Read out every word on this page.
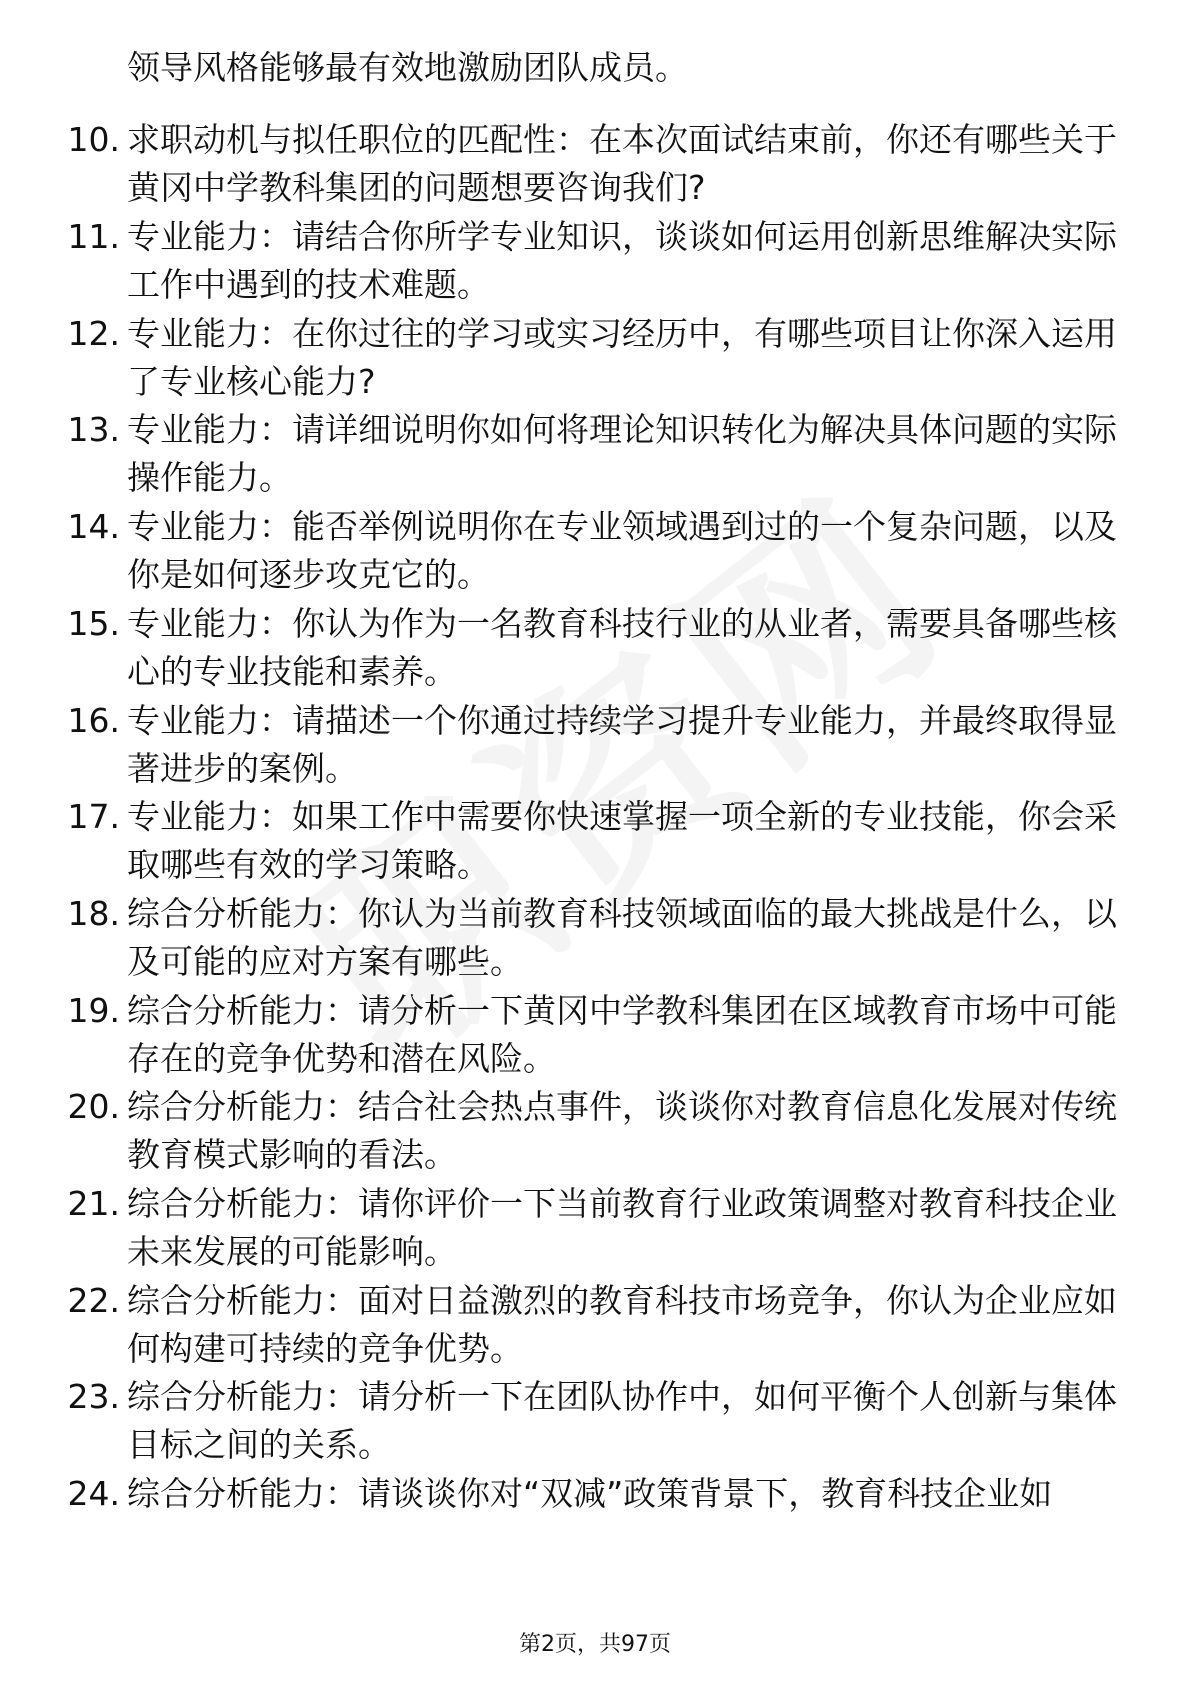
领导风格能够最有效地激励团队成员。
10. 求职动机与拟任职位的匹配性：在本次面试结束前，你还有哪些关于黄冈中学教科集团的问题想要咨询我们?
11. 专业能力：请结合你所学专业知识，谈谈如何运用创新思维解决实际工作中遇到的技术难题。
12. 专业能力：在你过往的学习或实习经历中，有哪些项目让你深入运用了专业核心能力?
13. 专业能力：请详细说明你如何将理论知识转化为解决具体问题的实际操作能力。
14. 专业能力：能否举例说明你在专业领域遇到过的一个复杂问题，以及你是如何逐步攻克它的。
15. 专业能力：你认为作为一名教育科技行业的从业者，需要具备哪些核心的专业技能和素养。
16. 专业能力：请描述一个你通过持续学习提升专业能力，并最终取得显著进步的案例。
17. 专业能力：如果工作中需要你快速掌握一项全新的专业技能，你会采取哪些有效的学习策略。
18. 综合分析能力：你认为当前教育科技领域面临的最大挑战是什么，以及可能的应对方案有哪些。
19. 综合分析能力：请分析一下黄冈中学教科集团在区域教育市场中可能存在的竞争优势和潜在风险。
20. 综合分析能力：结合社会热点事件，谈谈你对教育信息化发展对传统教育模式影响的看法。
21. 综合分析能力：请你评价一下当前教育行业政策调整对教育科技企业未来发展的可能影响。
22. 综合分析能力：面对日益激烈的教育科技市场竞争，你认为企业应如何构建可持续的竞争优势。
23. 综合分析能力：请分析一下在团队协作中，如何平衡个人创新与集体目标之间的关系。
24. 综合分析能力：请谈谈你对“双减”政策背景下，教育科技企业如
第2页，共97页
